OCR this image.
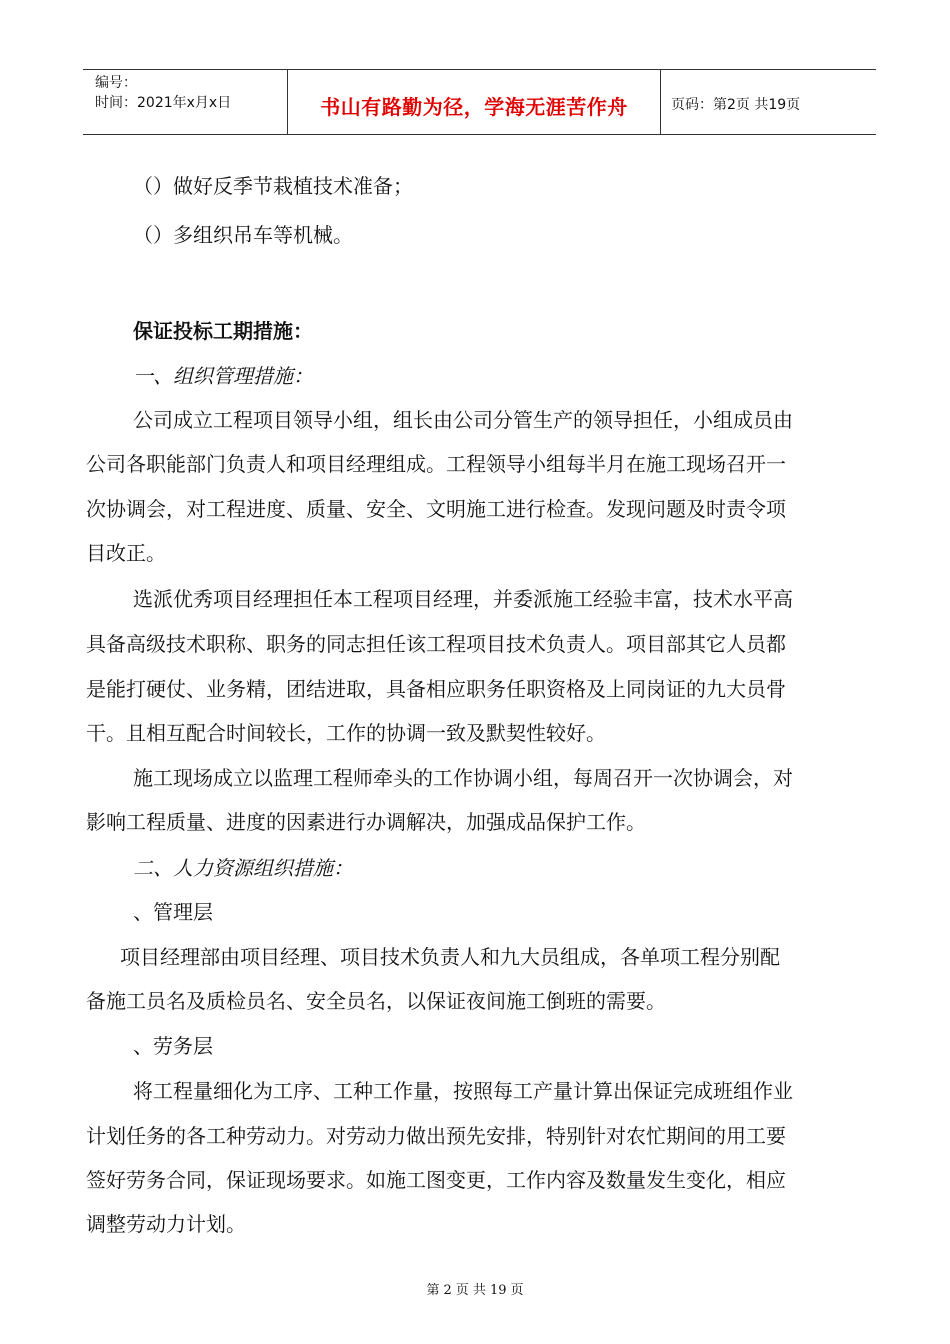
编号：
时间：2021年x月x日	书山有路勤为径，学海无涯苦作舟	页码：第2页 共19页
（）做好反季节栽植技术准备；
（）多组织吊车等机械。
保证投标工期措施：
一、组织管理措施：
公司成立工程项目领导小组，组长由公司分管生产的领导担任，小组成员由
公司各职能部门负责人和项目经理组成。工程领导小组每半月在施工现场召开一
次协调会，对工程进度、质量、安全、文明施工进行检查。发现问题及时责令项
目改正。
选派优秀项目经理担任本工程项目经理，并委派施工经验丰富，技术水平高
具备高级技术职称、职务的同志担任该工程项目技术负责人。项目部其它人员都
是能打硬仗、业务精，团结进取，具备相应职务任职资格及上同岗证的九大员骨
干。且相互配合时间较长，工作的协调一致及默契性较好。
施工现场成立以监理工程师牵头的工作协调小组，每周召开一次协调会，对
影响工程质量、进度的因素进行办调解决，加强成品保护工作。
二、人力资源组织措施：
、管理层
项目经理部由项目经理、项目技术负责人和九大员组成，各单项工程分别配
备施工员名及质检员名、安全员名，以保证夜间施工倒班的需要。
、劳务层
将工程量细化为工序、工种工作量，按照每工产量计算出保证完成班组作业
计划任务的各工种劳动力。对劳动力做出预先安排，特别针对农忙期间的用工要
签好劳务合同，保证现场要求。如施工图变更，工作内容及数量发生变化，相应
调整劳动力计划。
第 2 页 共 19 页
